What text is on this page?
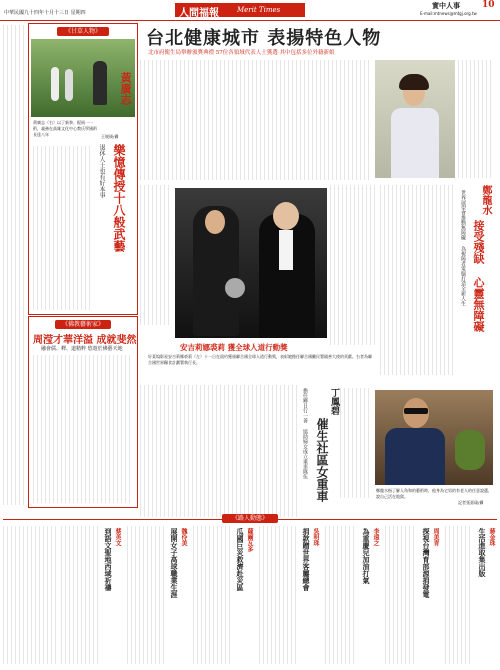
中華民國九十四年十月十三日 星期四	人間福報	Merit Times	實中人事 10
E-mail:mtnews@mtgj.org.tw
《甘草人物》
黃廣志（右）以了新拳、棍兩一一術，義務在高雄文化中心教氏學國術長達八年	王媛瑛/攝
黃廣志
樂憶傳授十八般武藝
退休人士也有好本事
《佛教藝術家》
周滢才華洋溢 成就斐然
融會儒、釋、道精粹 悠遊於佛藝天地
台北健康城市 表揚特色人物
北市府衛生局舉辦頒獎典禮 57位各領域代表人士獲選 其中包括多位外籍新娘
安吉莉娜裘莉 獲全球人道行動獎
好萊塢影星安吉莉娜裘莉（左）十一日在紐約獲頒聯合國全球人道行動獎，表彰她擔任聯合國難民署親善大使的貢獻。右者為聯合國世界糧食計劃署執行長。
接受殘缺 心靈無障礙
鄭龍水
世界展望會推動無障礙 為視障者電腦打造全新人生
丁鳳碧
催生社區女重車
擔任鄉日行一善 協助婦女成立重車隊伍
鄭龍水指了解人角和的藝術時，他身為宅男的有老人的任意說選，說自己活在地獄。
記者張嘉瑜/攝
《路人動態》
蔡英文
到語文聖地西域祈禱	魏伶美
展開女子高球職業生涯	薩爾瓦多
瓜國巨災救濟赴災區	吳明珠
捐款贈世界客屬總會	李遠之
為重慶兒加油打氣	周美青
探視台灣育部源捐發電	蔣金珠
生活進取集出版
